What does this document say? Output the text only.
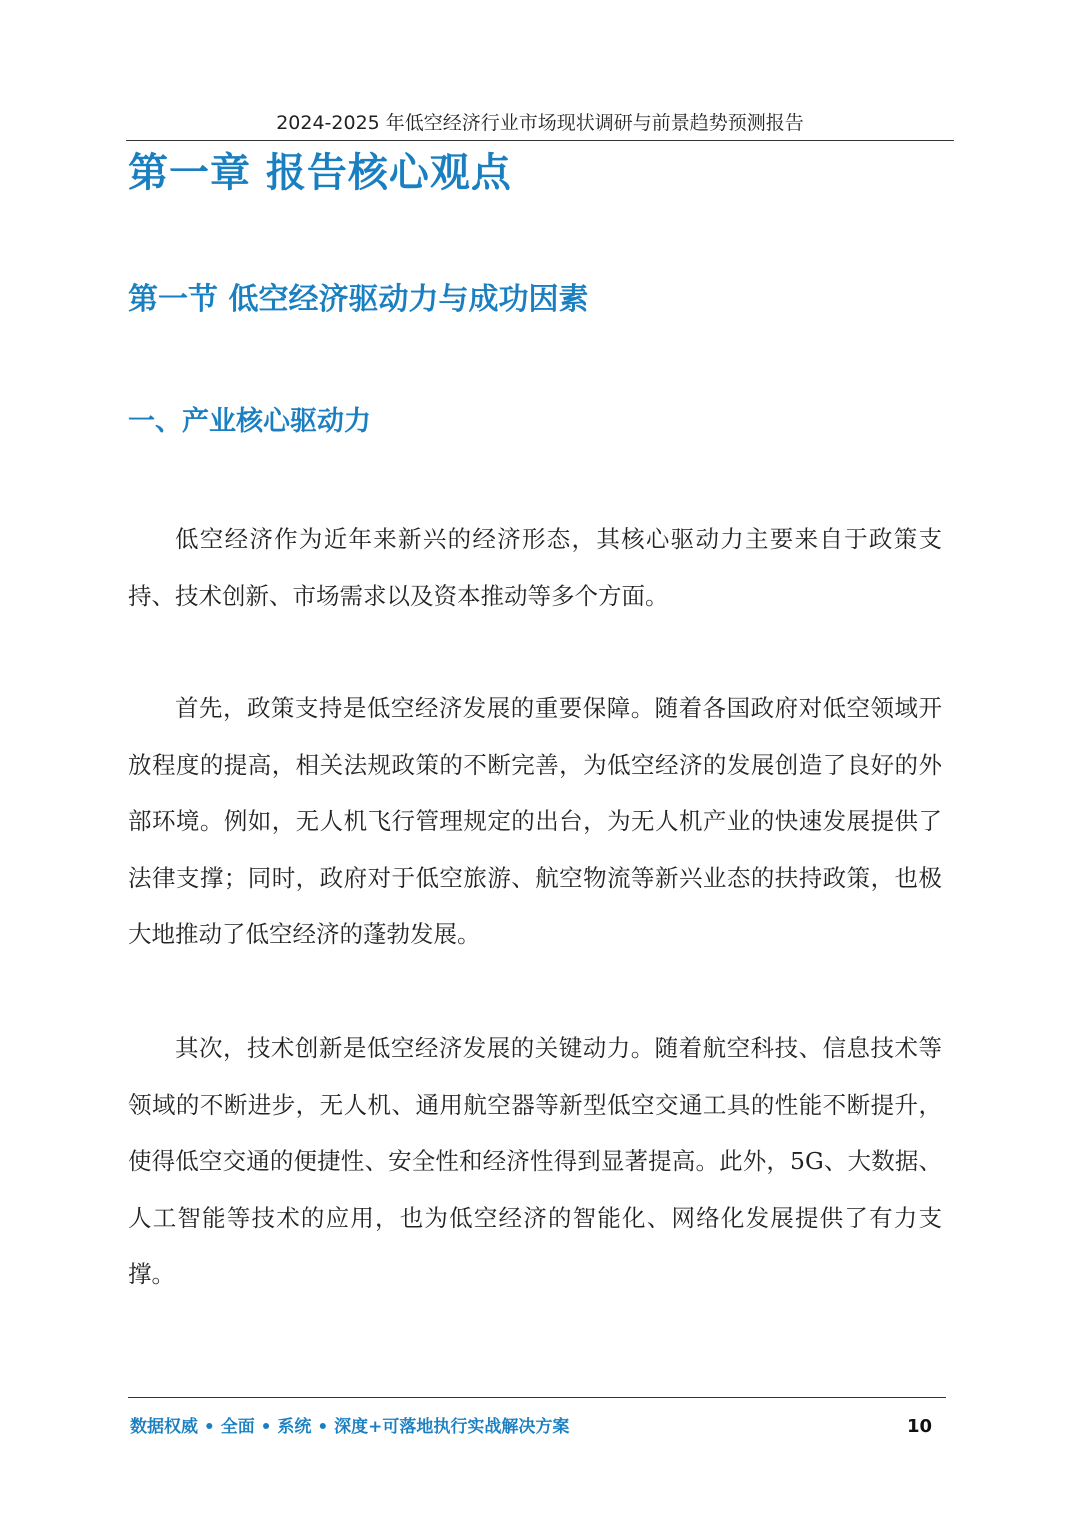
2024-2025 年低空经济行业市场现状调研与前景趋势预测报告
第一章 报告核心观点
第一节 低空经济驱动力与成功因素
一、产业核心驱动力

低空经济作为近年来新兴的经济形态，其核心驱动力主要来自于政策支持、技术创新、市场需求以及资本推动等多个方面。

首先，政策支持是低空经济发展的重要保障。随着各国政府对低空领域开放程度的提高，相关法规政策的不断完善，为低空经济的发展创造了良好的外部环境。例如，无人机飞行管理规定的出台，为无人机产业的快速发展提供了法律支撑；同时，政府对于低空旅游、航空物流等新兴业态的扶持政策，也极大地推动了低空经济的蓬勃发展。

其次，技术创新是低空经济发展的关键动力。随着航空科技、信息技术等领域的不断进步，无人机、通用航空器等新型低空交通工具的性能不断提升，使得低空交通的便捷性、安全性和经济性得到显著提高。此外，5G、大数据、人工智能等技术的应用，也为低空经济的智能化、网络化发展提供了有力支撑。

数据权威 • 全面 • 系统 • 深度+可落地执行实战解决方案	10
